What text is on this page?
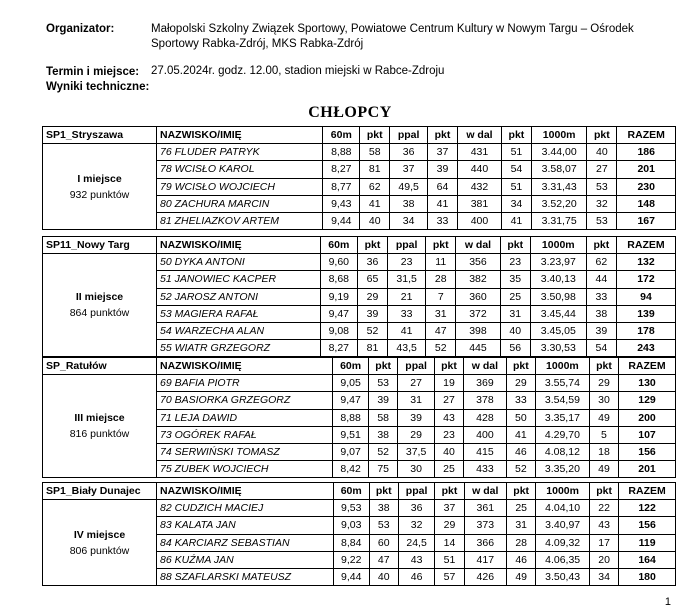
Organizator:	Małopolski Szkolny Związek Sportowy, Powiatowe Centrum Kultury w Nowym Targu – Ośrodek Sportowy Rabka-Zdrój, MKS Rabka-Zdrój
Termin i miejsce: 27.05.2024r. godz. 12.00, stadion miejski w Rabce-Zdroju
Wyniki techniczne:
CHŁOPCY
SP1_Stryszawa	NAZWISKO/IMIĘ	60m	pkt	ppal	pkt	w dal	pkt	1000m	pkt	RAZEM

I miejsce
932 punktów	76 FLUDER PATRYK	8,88	58	36	37	431	51	3.44,00	40	186
	78 WCISŁO KAROL	8,27	81	37	39	440	54	3.58,07	27	201
	79 WCISŁO WOJCIECH	8,77	62	49,5	64	432	51	3.31,43	53	230
	80 ZACHURA MARCIN	9,43	41	38	41	381	34	3.52,20	32	148
	81 ZHELIAZKOV ARTEM	9,44	40	34	33	400	41	3.31,75	53	167
SP11_Nowy Targ	NAZWISKO/IMIĘ	60m	pkt	ppal	pkt	w dal	pkt	1000m	pkt	RAZEM

II miejsce
864 punktów	50 DYKA ANTONI	9,60	36	23	11	356	23	3.23,97	62	132
	51 JANOWIEC KACPER	8,68	65	31,5	28	382	35	3.40,13	44	172
	52 JAROSZ ANTONI	9,19	29	21	7	360	25	3.50,98	33	94
	53 MAGIERA RAFAŁ	9,47	39	33	31	372	31	3.45,44	38	139
	54 WARZECHA ALAN	9,08	52	41	47	398	40	3.45,05	39	178
	55 WIATR GRZEGORZ	8,27	81	43,5	52	445	56	3.30,53	54	243
SP_Ratułów	NAZWISKO/IMIĘ	60m	pkt	ppal	pkt	w dal	pkt	1000m	pkt	RAZEM

III miejsce
816 punktów	69 BAFIA PIOTR	9,05	53	27	19	369	29	3.55,74	29	130
	70 BASIORKA GRZEGORZ	9,47	39	31	27	378	33	3.54,59	30	129
	71 LEJA DAWID	8,88	58	39	43	428	50	3.35,17	49	200
	73 OGÓREK RAFAŁ	9,51	38	29	23	400	41	4.29,70	5	107
	74 SERWIŃSKI TOMASZ	9,07	52	37,5	40	415	46	4.08,12	18	156
	75 ZUBEK WOJCIECH	8,42	75	30	25	433	52	3.35,20	49	201
SP1_Biały Dunajec	NAZWISKO/IMIĘ	60m	pkt	ppal	pkt	w dal	pkt	1000m	pkt	RAZEM

IV miejsce
806 punktów	82 CUDZICH MACIEJ	9,53	38	36	37	361	25	4.04,10	22	122
	83 KALATA JAN	9,03	53	32	29	373	31	3.40,97	43	156
	84 KARCIARZ SEBASTIAN	8,84	60	24,5	14	366	28	4.09,32	17	119
	86 KUŹMA JAN	9,22	47	43	51	417	46	4.06,35	20	164
	88 SZAFLARSKI MATEUSZ	9,44	40	46	57	426	49	3.50,43	34	180
1
